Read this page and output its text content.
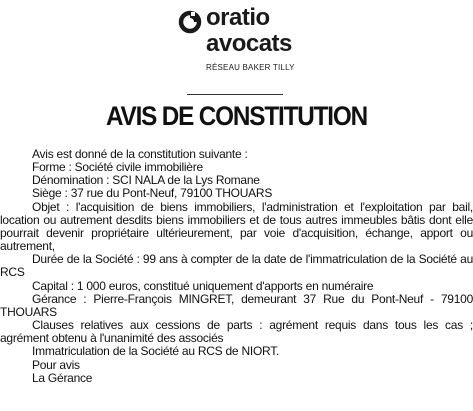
oratio
avocats
RÉSEAU BAKER TILLY
AVIS DE CONSTITUTION

Avis est donné de la constitution suivante :

Forme : Société civile immobilière

Dénomination : SCI NALA de la Lys Romane

Siège : 37 rue du Pont-Neuf, 79100 THOUARS

Objet : l'acquisition de biens immobiliers, l'administration et l'exploitation par bail, location ou autrement desdits biens immobiliers et de tous autres immeubles bâtis dont elle pourrait devenir propriétaire ultérieurement, par voie d'acquisition, échange, apport ou autrement,

Durée de la Société : 99 ans à compter de la date de l'immatriculation de la Société au RCS

Capital : 1 000 euros, constitué uniquement d'apports en numéraire

Gérance : Pierre-François MINGRET, demeurant 37 Rue du Pont-Neuf - 79100 THOUARS

Clauses relatives aux cessions de parts : agrément requis dans tous les cas ; agrément obtenu à l'unanimité des associés

Immatriculation de la Société au RCS de NIORT.

Pour avis

La Gérance
